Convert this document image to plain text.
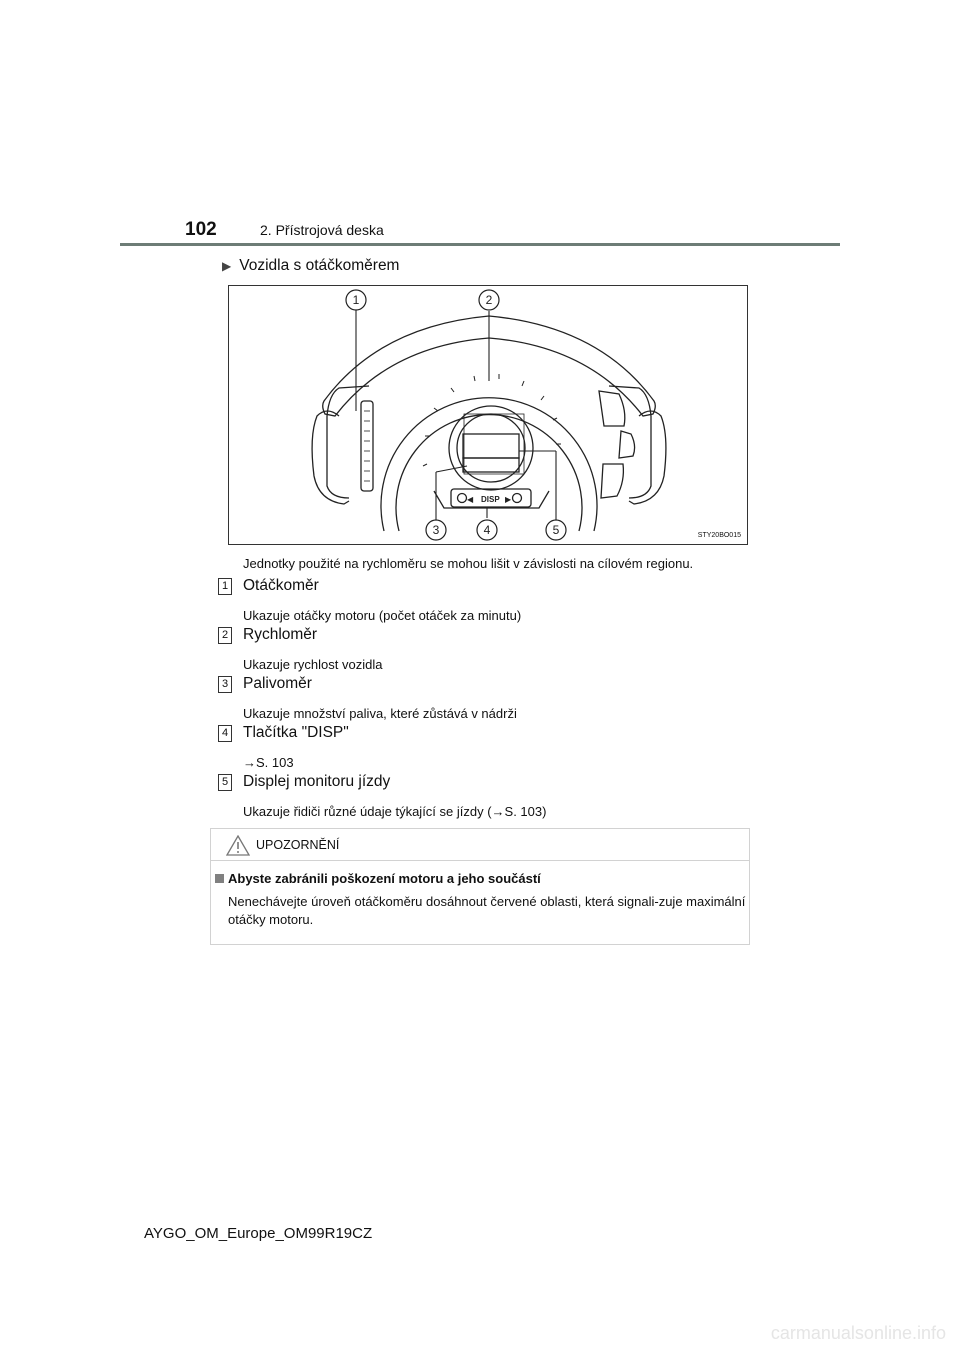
102	2. Přístrojová deska
▶ Vozidla s otáčkoměrem
◀ DISP ▶
1	2
3	4	5	STY20BO015
Jednotky použité na rychloměru se mohou lišit v závislosti na cílovém regionu.
1 Otáčkoměr
Ukazuje otáčky motoru (počet otáček za minutu)
2 Rychloměr
Ukazuje rychlost vozidla
3 Palivoměr
Ukazuje množství paliva, které zůstává v nádrži
4 Tlačítka "DISP"
→S. 103
5 Displej monitoru jízdy
Ukazuje řidiči různé údaje týkající se jízdy (→S. 103)
UPOZORNĚNÍ
Abyste zabránili poškození motoru a jeho součástí
Nenechávejte úroveň otáčkoměru dosáhnout červené oblasti, která signali-zuje maximální otáčky motoru.
AYGO_OM_Europe_OM99R19CZ
carmanualsonline.info
